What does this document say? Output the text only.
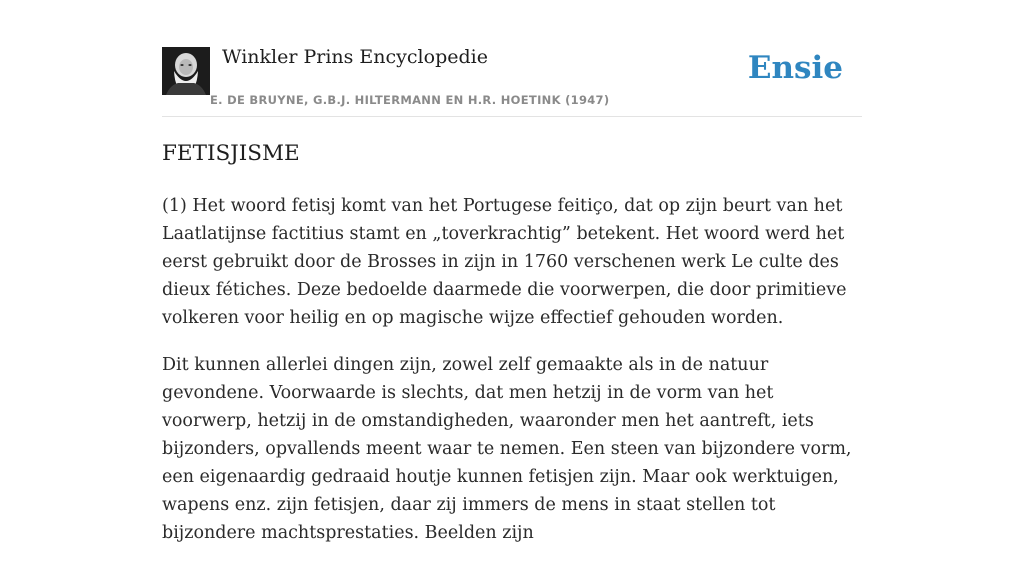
Winkler Prins Encyclopedie
E. DE BRUYNE, G.B.J. HILTERMANN EN H.R. HOETINK (1947)
Ensie
FETISJISME

(1) Het woord fetisj komt van het Portugese feitiço, dat op zijn beurt van het Laatlatijnse factitius stamt en „toverkrachtig” betekent. Het woord werd het eerst gebruikt door de Brosses in zijn in 1760 verschenen werk Le culte des dieux fétiches. Deze bedoelde daarmede die voorwerpen, die door primitieve volkeren voor heilig en op magische wijze effectief gehouden worden.

Dit kunnen allerlei dingen zijn, zowel zelf gemaakte als in de natuur gevondene. Voorwaarde is slechts, dat men hetzij in de vorm van het voorwerp, hetzij in de omstandigheden, waaronder men het aantreft, iets bijzonders, opvallends meent waar te nemen. Een steen van bijzondere vorm, een eigenaardig gedraaid houtje kunnen fetisjen zijn. Maar ook werktuigen, wapens enz. zijn fetisjen, daar zij immers de mens in staat stellen tot bijzondere machtsprestaties. Beelden zijn
